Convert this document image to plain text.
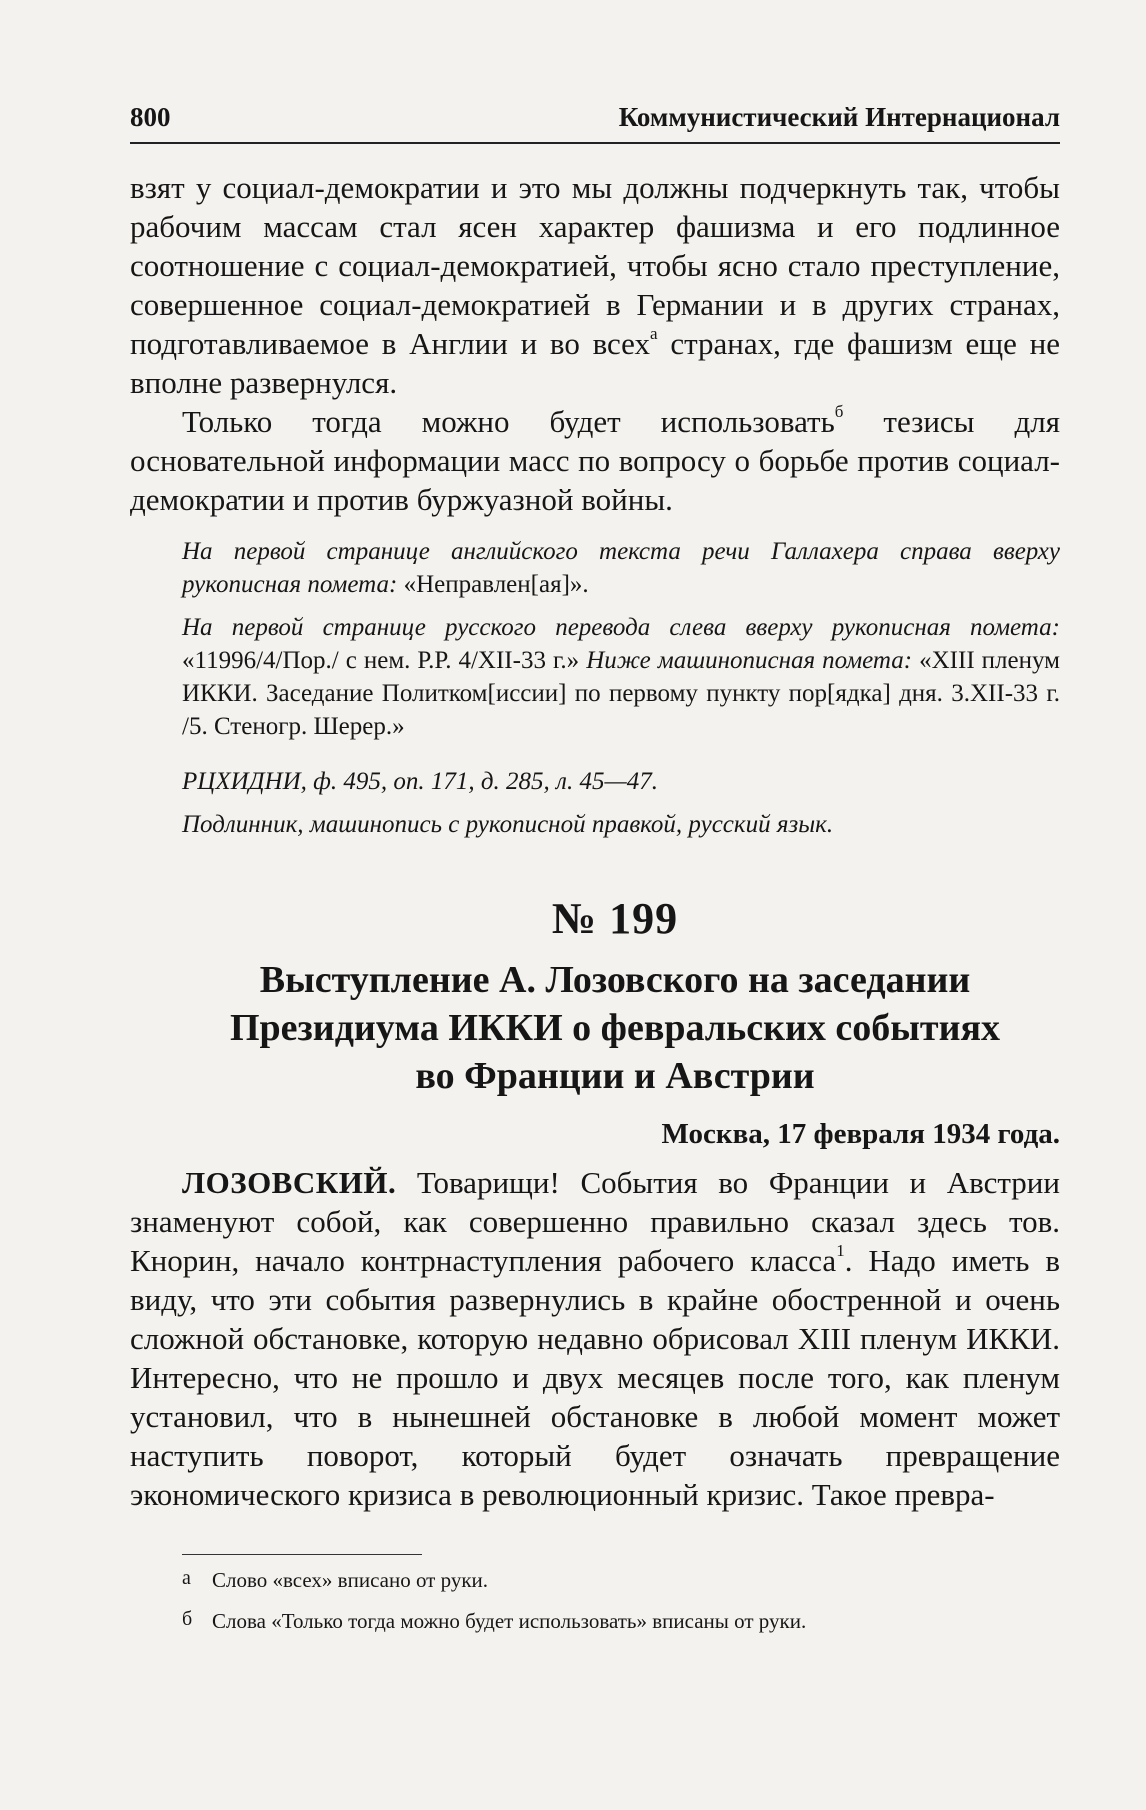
800	Коммунистический Интернационал

взят у социал-демократии и это мы должны подчеркнуть так, чтобы рабочим массам стал ясен характер фашизма и его подлинное соотношение с социал-демократией, чтобы ясно стало преступление, совершенное социал-демократией в Германии и в других странах, подготавливаемое в Англии и во всех$^а$ странах, где фашизм еще не вполне развернулся.

Только тогда можно будет использовать$^б$ тезисы для основательной информации масс по вопросу о борьбе против социал-демократии и против буржуазной войны.

На первой странице английского текста речи Галлахера справа вверху рукописная помета: «Неправлен[ая]».

На первой странице русского перевода слева вверху рукописная помета: «11996/4/Пор./ с нем. Р.Р. 4/XII-33 г.» Ниже машинописная помета: «XIII пленум ИККИ. Заседание Политком[иссии] по первому пункту пор[ядка] дня. 3.XII-33 г. /5. Стеногр. Шерер.»

РЦХИДНИ, ф. 495, оп. 171, д. 285, л. 45—47.

Подлинник, машинопись с рукописной правкой, русский язык.

№ 199
Выступление А. Лозовского на заседании
Президиума ИККИ о февральских событиях
во Франции и Австрии
Москва, 17 февраля 1934 года.

ЛОЗОВСКИЙ. Товарищи! События во Франции и Австрии знаменуют собой, как совершенно правильно сказал здесь тов. Кнорин, начало контрнаступления рабочего класса$^1$. Надо иметь в виду, что эти события развернулись в крайне обостренной и очень сложной обстановке, которую недавно обрисовал XIII пленум ИККИ. Интересно, что не прошло и двух месяцев после того, как пленум установил, что в нынешней обстановке в любой момент может наступить поворот, который будет означать превращение экономического кризиса в революционный кризис. Такое превра-

а Слово «всех» вписано от руки.

б Слова «Только тогда можно будет использовать» вписаны от руки.
